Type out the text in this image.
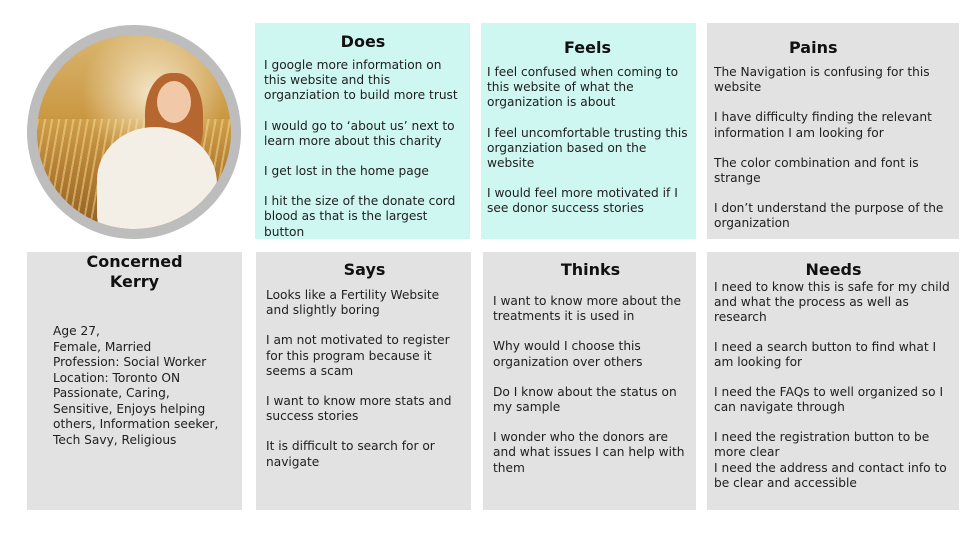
Does
I google more information on this website and this organziation to build more trust
I would go to ‘about us’ next to learn more about this charity
I get lost in the home page
I hit the size of the donate cord blood as that is the largest button
Feels
I feel confused when coming to this website of what the organization is about
I feel uncomfortable trusting this organziation based on the website
I would feel more motivated if I see donor success stories
Pains
The Navigation is confusing for this website
I have difficulty finding the relevant information I am looking for
The color combination and font is strange
I don’t understand the purpose of the organization
Concerned
Kerry
Age 27,
Female, Married
Profession: Social Worker
Location: Toronto ON
Passionate, Caring,
Sensitive, Enjoys helping
others, Information seeker,
Tech Savy, Religious
Says
Looks like a Fertility Website and slightly boring
I am not motivated to register for this program because it seems a scam
I want to know more stats and success stories
It is difficult to search for or navigate
Thinks
I want to know more about the treatments it is used in
Why would I choose this organization over others
Do I know about the status on my sample
I wonder who the donors are and what issues I can help with them
Needs
I need to know this is safe for my child and what the process as well as research
I need a search button to find what I am looking for
I need the FAQs to well organized so I can navigate through
I need the registration button to be more clear
I need the address and contact info to be clear and accessible
